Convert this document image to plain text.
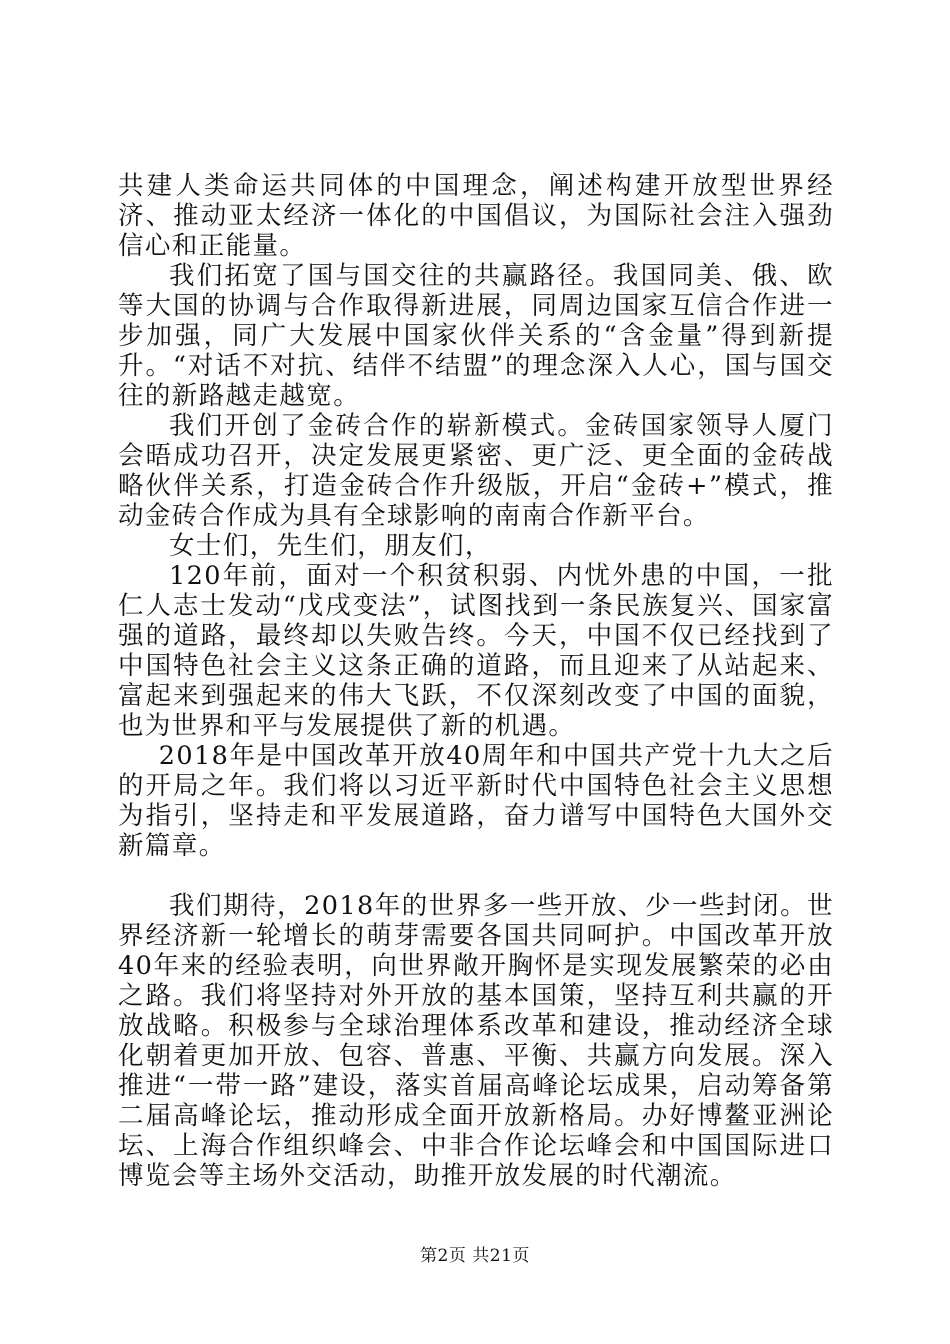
共建人类命运共同体的中国理念，阐述构建开放型世界经济、推动亚太经济一体化的中国倡议，为国际社会注入强劲信心和正能量。

我们拓宽了国与国交往的共赢路径。我国同美、俄、欧等大国的协调与合作取得新进展，同周边国家互信合作进一步加强，同广大发展中国家伙伴关系的“含金量”得到新提升。“对话不对抗、结伴不结盟”的理念深入人心，国与国交往的新路越走越宽。

我们开创了金砖合作的崭新模式。金砖国家领导人厦门会晤成功召开，决定发展更紧密、更广泛、更全面的金砖战略伙伴关系，打造金砖合作升级版，开启“金砖+”模式，推动金砖合作成为具有全球影响的南南合作新平台。

女士们，先生们，朋友们，

120年前，面对一个积贫积弱、内忧外患的中国，一批仁人志士发动“戊戌变法”，试图找到一条民族复兴、国家富强的道路，最终却以失败告终。今天，中国不仅已经找到了中国特色社会主义这条正确的道路，而且迎来了从站起来、富起来到强起来的伟大飞跃，不仅深刻改变了中国的面貌，也为世界和平与发展提供了新的机遇。

2018年是中国改革开放40周年和中国共产党十九大之后的开局之年。我们将以习近平新时代中国特色社会主义思想为指引，坚持走和平发展道路，奋力谱写中国特色大国外交新篇章。

我们期待，2018年的世界多一些开放、少一些封闭。世界经济新一轮增长的萌芽需要各国共同呵护。中国改革开放40年来的经验表明，向世界敞开胸怀是实现发展繁荣的必由之路。我们将坚持对外开放的基本国策，坚持互利共赢的开放战略。积极参与全球治理体系改革和建设，推动经济全球化朝着更加开放、包容、普惠、平衡、共赢方向发展。深入推进“一带一路”建设，落实首届高峰论坛成果，启动筹备第二届高峰论坛，推动形成全面开放新格局。办好博鳌亚洲论坛、上海合作组织峰会、中非合作论坛峰会和中国国际进口博览会等主场外交活动，助推开放发展的时代潮流。

第2页 共21页
